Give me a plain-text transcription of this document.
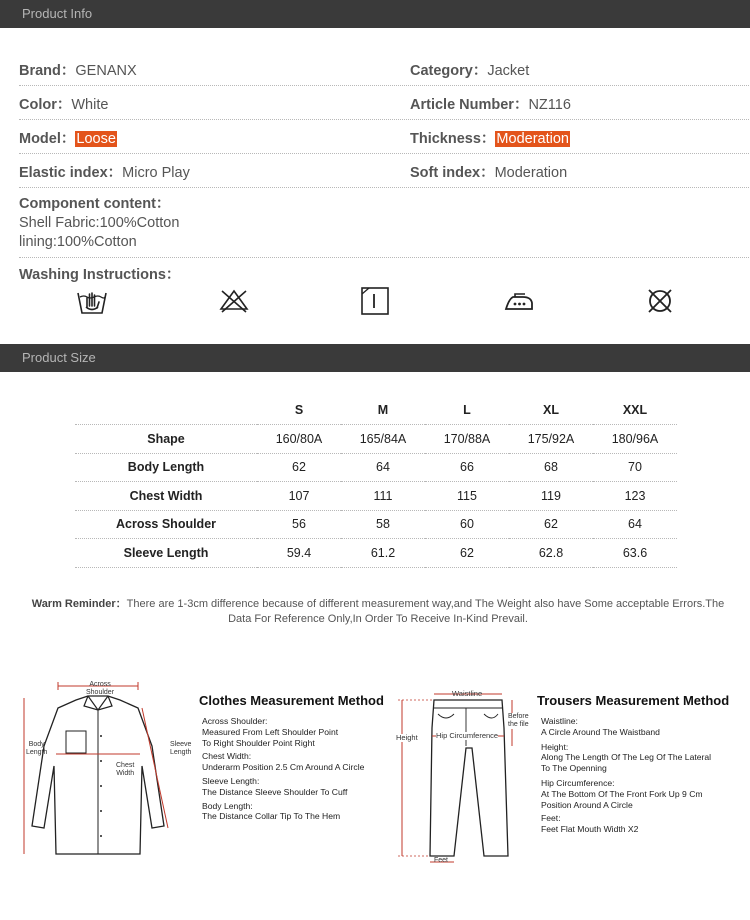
Product Info
Brand：GENANX	Category：Jacket
Color：White	Article Number：NZ116
Model：Loose	Thickness：Moderation
Elastic index：Micro Play	Soft index：Moderation
Component content：
Shell Fabric:100%Cotton
lining:100%Cotton
Washing Instructions：
Product Size
	S	M	L	XL	XXL
Shape	160/80A	165/84A	170/88A	175/92A	180/96A
Body Length	62	64	66	68	70
Chest Width	107	111	115	119	123
Across Shoulder	56	58	60	62	64
Sleeve Length	59.4	61.2	62	62.8	63.6
Warm Reminder：There are 1-3cm difference because of different measurement way,and The Weight also have Some acceptable Errors.The
Data For Reference Only,In Order To Receive In-Kind Prevail.
Across
Shoulder
Body
Length
Chest
Width
Sleeve
Length
Clothes Measurement Method
Across Shoulder:
Measured From Left Shoulder Point
To Right Shoulder Point Right
Chest Width:
Underarm Position 2.5 Cm Around A Circle
Sleeve Length:
The Distance Sleeve Shoulder To Cuff
Body Length:
The Distance Collar Tip To The Hem
Waistline
Height Hip Circumference
Before
the file
Feet
Trousers Measurement Method
Waistline:
A Circle Around The Waistband
Height:
Along The Length Of The Leg Of The Lateral
To The Openning
Hip Circumference:
At The Bottom Of The Front Fork Up 9 Cm
Position Around A Circle
Feet:
Feet Flat Mouth Width X2
